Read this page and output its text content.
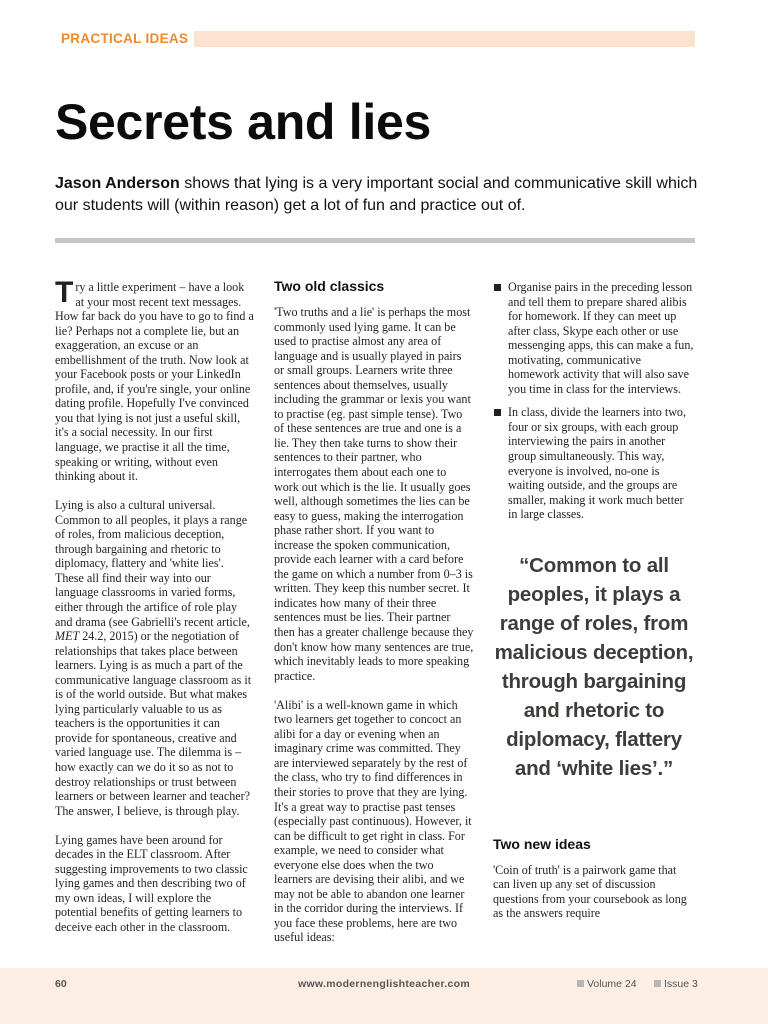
PRACTICAL IDEAS
Secrets and lies

Jason Anderson shows that lying is a very important social and communicative skill which our students will (within reason) get a lot of fun and practice out of.

Try a little experiment – have a look at your most recent text messages. How far back do you have to go to find a lie? Perhaps not a complete lie, but an exaggeration, an excuse or an embellishment of the truth. Now look at your Facebook posts or your LinkedIn profile, and, if you're single, your online dating profile. Hopefully I've convinced you that lying is not just a useful skill, it's a social necessity. In our first language, we practise it all the time, speaking or writing, without even thinking about it.

Lying is also a cultural universal. Common to all peoples, it plays a range of roles, from malicious deception, through bargaining and rhetoric to diplomacy, flattery and 'white lies'. These all find their way into our language classrooms in varied forms, either through the artifice of role play and drama (see Gabrielli's recent article, MET 24.2, 2015) or the negotiation of relationships that takes place between learners. Lying is as much a part of the communicative language classroom as it is of the world outside. But what makes lying particularly valuable to us as teachers is the opportunities it can provide for spontaneous, creative and varied language use. The dilemma is – how exactly can we do it so as not to destroy relationships or trust between learners or between learner and teacher? The answer, I believe, is through play.

Lying games have been around for decades in the ELT classroom. After suggesting improvements to two classic lying games and then describing two of my own ideas, I will explore the potential benefits of getting learners to deceive each other in the classroom.

Two old classics

'Two truths and a lie' is perhaps the most commonly used lying game. It can be used to practise almost any area of language and is usually played in pairs or small groups. Learners write three sentences about themselves, usually including the grammar or lexis you want to practise (eg. past simple tense). Two of these sentences are true and one is a lie. They then take turns to show their sentences to their partner, who interrogates them about each one to work out which is the lie. It usually goes well, although sometimes the lies can be easy to guess, making the interrogation phase rather short. If you want to increase the spoken communication, provide each learner with a card before the game on which a number from 0–3 is written. They keep this number secret. It indicates how many of their three sentences must be lies. Their partner then has a greater challenge because they don't know how many sentences are true, which inevitably leads to more speaking practice.

'Alibi' is a well-known game in which two learners get together to concoct an alibi for a day or evening when an imaginary crime was committed. They are interviewed separately by the rest of the class, who try to find differences in their stories to prove that they are lying. It's a great way to practise past tenses (especially past continuous). However, it can be difficult to get right in class. For example, we need to consider what everyone else does when the two learners are devising their alibi, and we may not be able to abandon one learner in the corridor during the interviews. If you face these problems, here are two useful ideas:

Organise pairs in the preceding lesson and tell them to prepare shared alibis for homework. If they can meet up after class, Skype each other or use messenging apps, this can make a fun, motivating, communicative homework activity that will also save you time in class for the interviews.
In class, divide the learners into two, four or six groups, with each group interviewing the pairs in another group simultaneously. This way, everyone is involved, no-one is waiting outside, and the groups are smaller, making it work much better in large classes.
“Common to all peoples, it plays a range of roles, from malicious deception, through bargaining and rhetoric to diplomacy, flattery and ‘white lies’.”
Two new ideas

'Coin of truth' is a pairwork game that can liven up any set of discussion questions from your coursebook as long as the answers require

60	www.modernenglishteacher.com	Volume 24	Issue 3
